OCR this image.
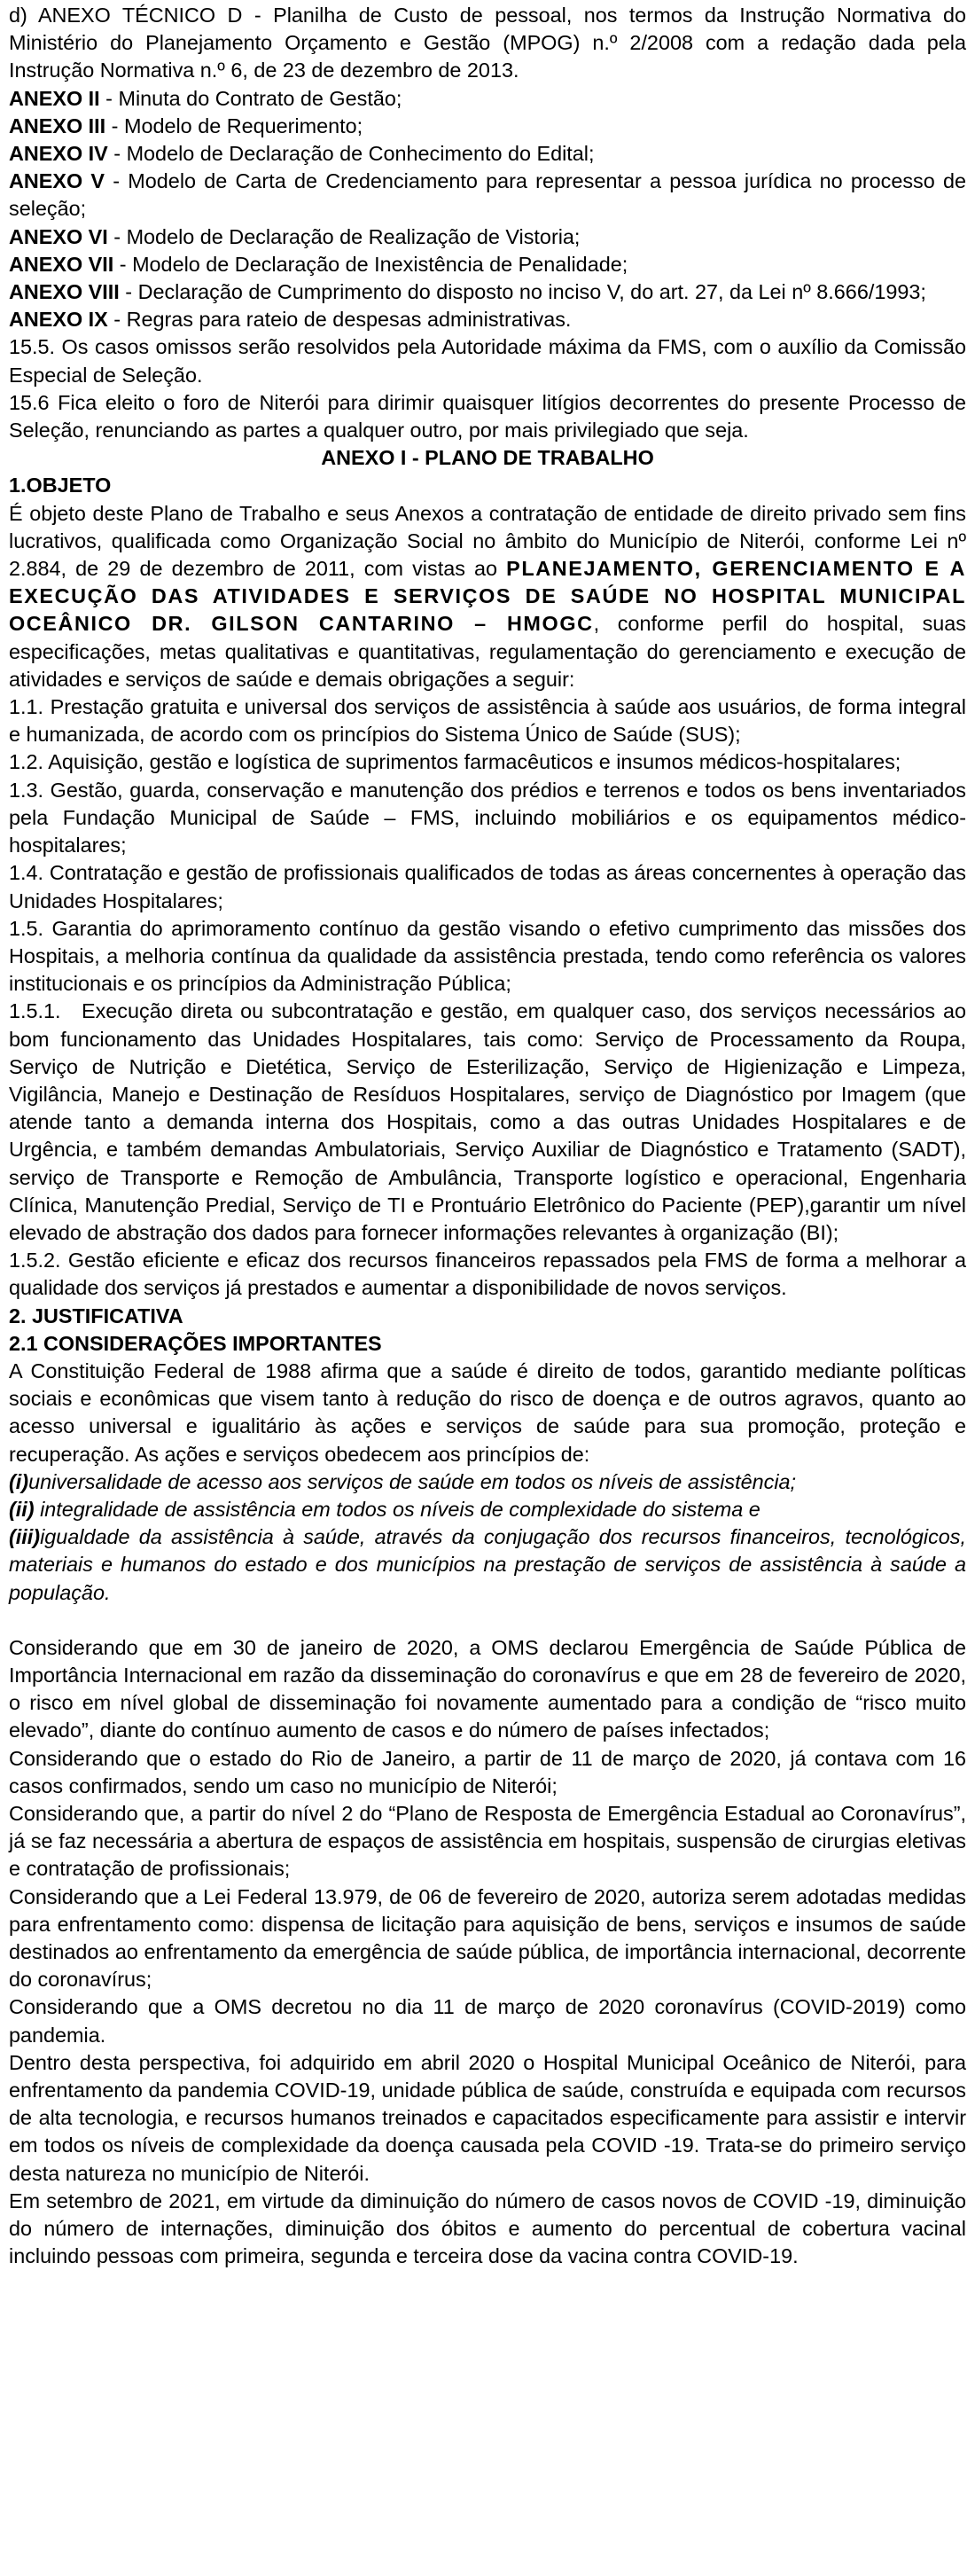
d) ANEXO TÉCNICO D - Planilha de Custo de pessoal, nos termos da Instrução Normativa do Ministério do Planejamento Orçamento e Gestão (MPOG) n.º 2/2008 com a redação dada pela Instrução Normativa n.º 6, de 23 de dezembro de 2013.

ANEXO II - Minuta do Contrato de Gestão;

ANEXO III - Modelo de Requerimento;

ANEXO IV - Modelo de Declaração de Conhecimento do Edital;

ANEXO V - Modelo de Carta de Credenciamento para representar a pessoa jurídica no processo de seleção;

ANEXO VI - Modelo de Declaração de Realização de Vistoria;

ANEXO VII - Modelo de Declaração de Inexistência de Penalidade;

ANEXO VIII - Declaração de Cumprimento do disposto no inciso V, do art. 27, da Lei nº 8.666/1993;

ANEXO IX - Regras para rateio de despesas administrativas.

15.5. Os casos omissos serão resolvidos pela Autoridade máxima da FMS, com o auxílio da Comissão Especial de Seleção.

15.6 Fica eleito o foro de Niterói para dirimir quaisquer litígios decorrentes do presente Processo de Seleção, renunciando as partes a qualquer outro, por mais privilegiado que seja.

ANEXO I - PLANO DE TRABALHO

1.OBJETO

É objeto deste Plano de Trabalho e seus Anexos a contratação de entidade de direito privado sem fins lucrativos, qualificada como Organização Social no âmbito do Município de Niterói, conforme Lei nº 2.884, de 29 de dezembro de 2011, com vistas ao PLANEJAMENTO, GERENCIAMENTO E A EXECUÇÃO DAS ATIVIDADES E SERVIÇOS DE SAÚDE NO HOSPITAL MUNICIPAL OCEÂNICO DR. GILSON CANTARINO – HMOGC, conforme perfil do hospital, suas especificações, metas qualitativas e quantitativas, regulamentação do gerenciamento e execução de atividades e serviços de saúde e demais obrigações a seguir:

1.1. Prestação gratuita e universal dos serviços de assistência à saúde aos usuários, de forma integral e humanizada, de acordo com os princípios do Sistema Único de Saúde (SUS);

1.2. Aquisição, gestão e logística de suprimentos farmacêuticos e insumos médicos-hospitalares;

1.3. Gestão, guarda, conservação e manutenção dos prédios e terrenos e todos os bens inventariados pela Fundação Municipal de Saúde – FMS, incluindo mobiliários e os equipamentos médico-hospitalares;

1.4. Contratação e gestão de profissionais qualificados de todas as áreas concernentes à operação das Unidades Hospitalares;

1.5. Garantia do aprimoramento contínuo da gestão visando o efetivo cumprimento das missões dos Hospitais, a melhoria contínua da qualidade da assistência prestada, tendo como referência os valores institucionais e os princípios da Administração Pública;

1.5.1. Execução direta ou subcontratação e gestão, em qualquer caso, dos serviços necessários ao bom funcionamento das Unidades Hospitalares, tais como: Serviço de Processamento da Roupa, Serviço de Nutrição e Dietética, Serviço de Esterilização, Serviço de Higienização e Limpeza, Vigilância, Manejo e Destinação de Resíduos Hospitalares, serviço de Diagnóstico por Imagem (que atende tanto a demanda interna dos Hospitais, como a das outras Unidades Hospitalares e de Urgência, e também demandas Ambulatoriais, Serviço Auxiliar de Diagnóstico e Tratamento (SADT), serviço de Transporte e Remoção de Ambulância, Transporte logístico e operacional, Engenharia Clínica, Manutenção Predial, Serviço de TI e Prontuário Eletrônico do Paciente (PEP),garantir um nível elevado de abstração dos dados para fornecer informações relevantes à organização (BI);

1.5.2. Gestão eficiente e eficaz dos recursos financeiros repassados pela FMS de forma a melhorar a qualidade dos serviços já prestados e aumentar a disponibilidade de novos serviços.

2. JUSTIFICATIVA

2.1 CONSIDERAÇÕES IMPORTANTES

A Constituição Federal de 1988 afirma que a saúde é direito de todos, garantido mediante políticas sociais e econômicas que visem tanto à redução do risco de doença e de outros agravos, quanto ao acesso universal e igualitário às ações e serviços de saúde para sua promoção, proteção e recuperação. As ações e serviços obedecem aos princípios de:

(i)universalidade de acesso aos serviços de saúde em todos os níveis de assistência;

(ii) integralidade de assistência em todos os níveis de complexidade do sistema e

(iii)igualdade da assistência à saúde, através da conjugação dos recursos financeiros, tecnológicos, materiais e humanos do estado e dos municípios na prestação de serviços de assistência à saúde a população.

Considerando que em 30 de janeiro de 2020, a OMS declarou Emergência de Saúde Pública de Importância Internacional em razão da disseminação do coronavírus e que em 28 de fevereiro de 2020, o risco em nível global de disseminação foi novamente aumentado para a condição de “risco muito elevado”, diante do contínuo aumento de casos e do número de países infectados;

Considerando que o estado do Rio de Janeiro, a partir de 11 de março de 2020, já contava com 16 casos confirmados, sendo um caso no município de Niterói;

Considerando que, a partir do nível 2 do “Plano de Resposta de Emergência Estadual ao Coronavírus”, já se faz necessária a abertura de espaços de assistência em hospitais, suspensão de cirurgias eletivas e contratação de profissionais;

Considerando que a Lei Federal 13.979, de 06 de fevereiro de 2020, autoriza serem adotadas medidas para enfrentamento como: dispensa de licitação para aquisição de bens, serviços e insumos de saúde destinados ao enfrentamento da emergência de saúde pública, de importância internacional, decorrente do coronavírus;

Considerando que a OMS decretou no dia 11 de março de 2020 coronavírus (COVID-2019) como pandemia.

Dentro desta perspectiva, foi adquirido em abril 2020 o Hospital Municipal Oceânico de Niterói, para enfrentamento da pandemia COVID-19, unidade pública de saúde, construída e equipada com recursos de alta tecnologia, e recursos humanos treinados e capacitados especificamente para assistir e intervir em todos os níveis de complexidade da doença causada pela COVID -19. Trata-se do primeiro serviço desta natureza no município de Niterói.

Em setembro de 2021, em virtude da diminuição do número de casos novos de COVID -19, diminuição do número de internações, diminuição dos óbitos e aumento do percentual de cobertura vacinal incluindo pessoas com primeira, segunda e terceira dose da vacina contra COVID-19.
